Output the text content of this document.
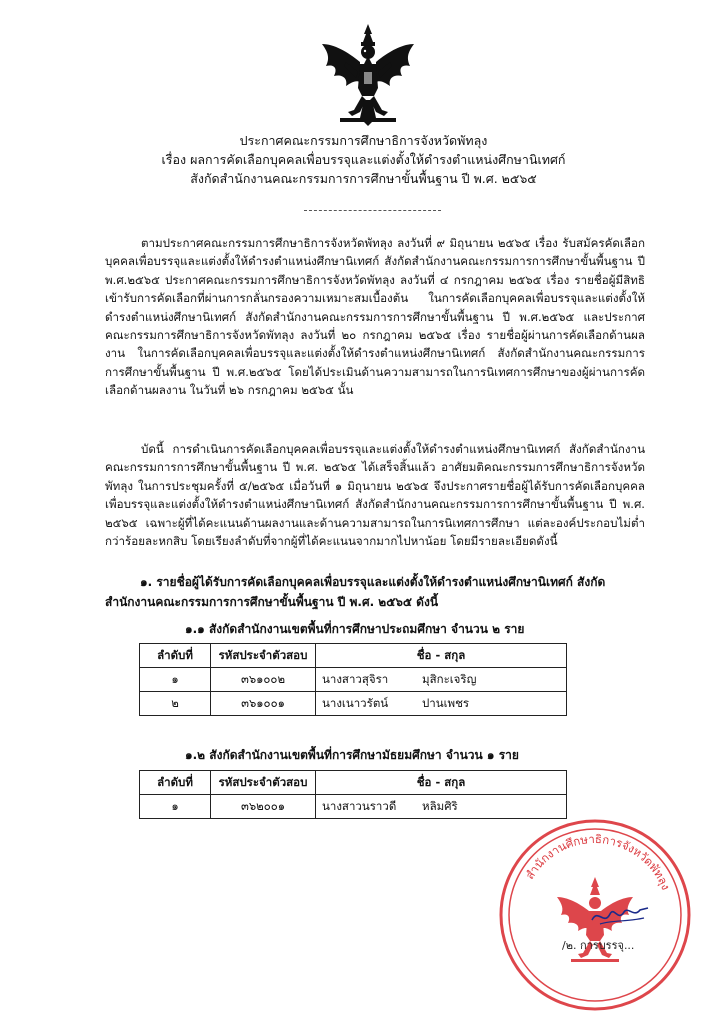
ประกาศคณะกรรมการศึกษาธิการจังหวัดพัทลุง
เรื่อง ผลการคัดเลือกบุคคลเพื่อบรรจุและแต่งตั้งให้ดำรงตำแหน่งศึกษานิเทศก์
สังกัดสำนักงานคณะกรรมการการศึกษาขั้นพื้นฐาน ปี พ.ศ. ๒๕๖๕

ตามประกาศคณะกรรมการศึกษาธิการจังหวัดพัทลุง ลงวันที่ ๙ มิถุนายน ๒๕๖๕ เรื่อง รับสมัครคัดเลือกบุคคลเพื่อบรรจุและแต่งตั้งให้ดำรงตำแหน่งศึกษานิเทศก์ สังกัดสำนักงานคณะกรรมการการศึกษาขั้นพื้นฐาน ปี พ.ศ.๒๕๖๕ ประกาศคณะกรรมการศึกษาธิการจังหวัดพัทลุง ลงวันที่ ๔ กรกฎาคม ๒๕๖๕ เรื่อง รายชื่อผู้มีสิทธิเข้ารับการคัดเลือกที่ผ่านการกลั่นกรองความเหมาะสมเบื้องต้น ในการคัดเลือกบุคคลเพื่อบรรจุและแต่งตั้งให้ดำรงตำแหน่งศึกษานิเทศก์ สังกัดสำนักงานคณะกรรมการการศึกษาขั้นพื้นฐาน ปี พ.ศ.๒๕๖๕ และประกาศคณะกรรมการศึกษาธิการจังหวัดพัทลุง ลงวันที่ ๒๐ กรกฎาคม ๒๕๖๕ เรื่อง รายชื่อผู้ผ่านการคัดเลือกด้านผลงาน ในการคัดเลือกบุคคลเพื่อบรรจุและแต่งตั้งให้ดำรงตำแหน่งศึกษานิเทศก์ สังกัดสำนักงานคณะกรรมการการศึกษาขั้นพื้นฐาน ปี พ.ศ.๒๕๖๕ โดยได้ประเมินด้านความสามารถในการนิเทศการศึกษาของผู้ผ่านการคัดเลือกด้านผลงาน ในวันที่ ๒๖ กรกฎาคม ๒๕๖๕ นั้น

บัดนี้ การดำเนินการคัดเลือกบุคคลเพื่อบรรจุและแต่งตั้งให้ดำรงตำแหน่งศึกษานิเทศก์ สังกัดสำนักงานคณะกรรมการการศึกษาขั้นพื้นฐาน ปี พ.ศ. ๒๕๖๕ ได้เสร็จสิ้นแล้ว อาศัยมติคณะกรรมการศึกษาธิการจังหวัดพัทลุง ในการประชุมครั้งที่ ๕/๒๕๖๕ เมื่อวันที่ ๑ มิถุนายน ๒๕๖๕ จึงประกาศรายชื่อผู้ได้รับการคัดเลือกบุคคลเพื่อบรรจุและแต่งตั้งให้ดำรงตำแหน่งศึกษานิเทศก์ สังกัดสำนักงานคณะกรรมการการศึกษาขั้นพื้นฐาน ปี พ.ศ. ๒๕๖๕ เฉพาะผู้ที่ได้คะแนนด้านผลงานและด้านความสามารถในการนิเทศการศึกษา แต่ละองค์ประกอบไม่ต่ำกว่าร้อยละหกสิบ โดยเรียงลำดับที่จากผู้ที่ได้คะแนนจากมากไปหาน้อย โดยมีรายละเอียดดังนี้

๑. รายชื่อผู้ได้รับการคัดเลือกบุคคลเพื่อบรรจุและแต่งตั้งให้ดำรงตำแหน่งศึกษานิเทศก์ สังกัด

สำนักงานคณะกรรมการการศึกษาขั้นพื้นฐาน ปี พ.ศ. ๒๕๖๕ ดังนี้

๑.๑ สังกัดสำนักงานเขตพื้นที่การศึกษาประถมศึกษา จำนวน ๒ ราย

ลำดับที่	รหัสประจำตัวสอบ	ชื่อ - สกุล
๑	๓๖๑๐๐๒	นางสาวสุจิรา มุสิกะเจริญ
๒	๓๖๑๐๐๑	นางเนาวรัตน์ ปานเพชร

๑.๒ สังกัดสำนักงานเขตพื้นที่การศึกษามัธยมศึกษา จำนวน ๑ ราย

ลำดับที่	รหัสประจำตัวสอบ	ชื่อ - สกุล
๑	๓๖๒๐๐๑	นางสาวนราวดี หลิมศิริ
สำนักงานศึกษาธิการจังหวัดพัทลุง
/๒. การบรรจุ...
